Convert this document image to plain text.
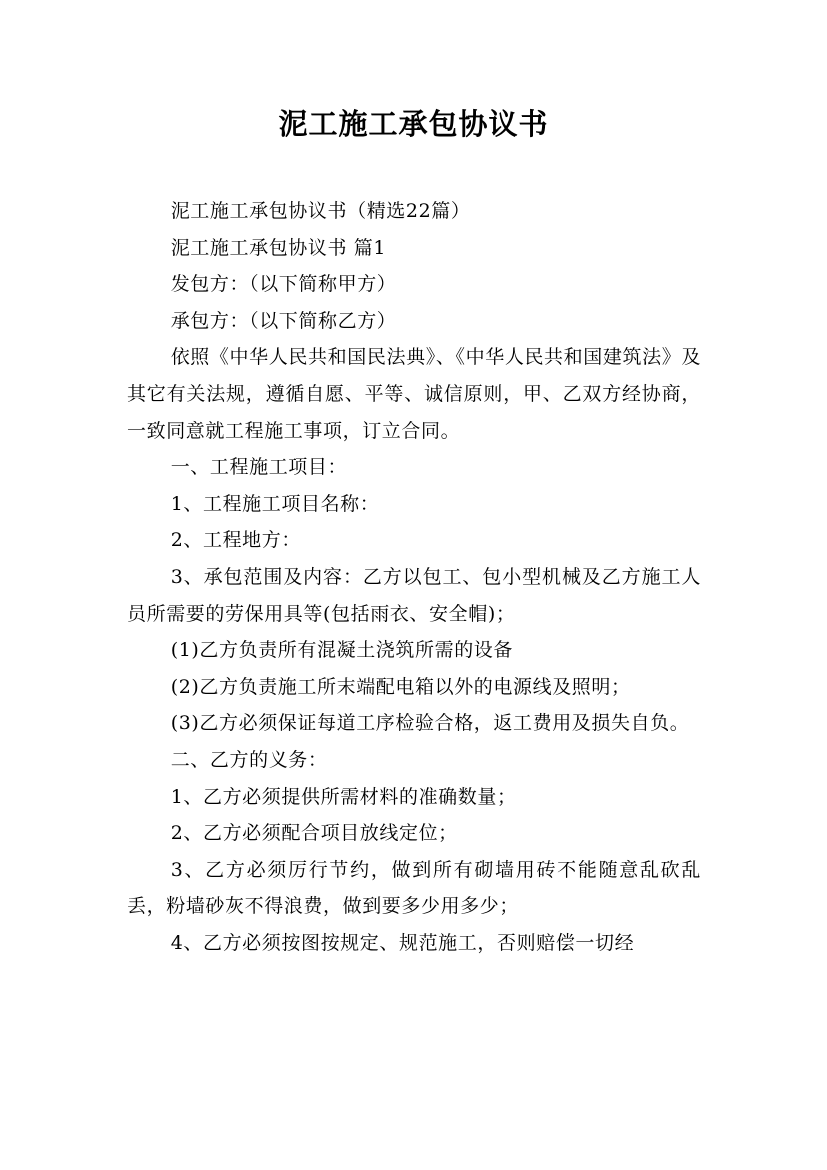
泥工施工承包协议书

泥工施工承包协议书（精选22篇）

泥工施工承包协议书 篇1

发包方：（以下简称甲方）

承包方：（以下简称乙方）

依照《中华人民共和国民法典》、《中华人民共和国建筑法》及其它有关法规，遵循自愿、平等、诚信原则，甲、乙双方经协商，一致同意就工程施工事项，订立合同。

一、工程施工项目：

1、工程施工项目名称：

2、工程地方：

3、承包范围及内容：乙方以包工、包小型机械及乙方施工人员所需要的劳保用具等(包括雨衣、安全帽)；

(1)乙方负责所有混凝土浇筑所需的设备

(2)乙方负责施工所末端配电箱以外的电源线及照明；

(3)乙方必须保证每道工序检验合格，返工费用及损失自负。

二、乙方的义务：

1、乙方必须提供所需材料的准确数量；

2、乙方必须配合项目放线定位；

3、乙方必须厉行节约，做到所有砌墙用砖不能随意乱砍乱丢，粉墙砂灰不得浪费，做到要多少用多少；

4、乙方必须按图按规定、规范施工，否则赔偿一切经
